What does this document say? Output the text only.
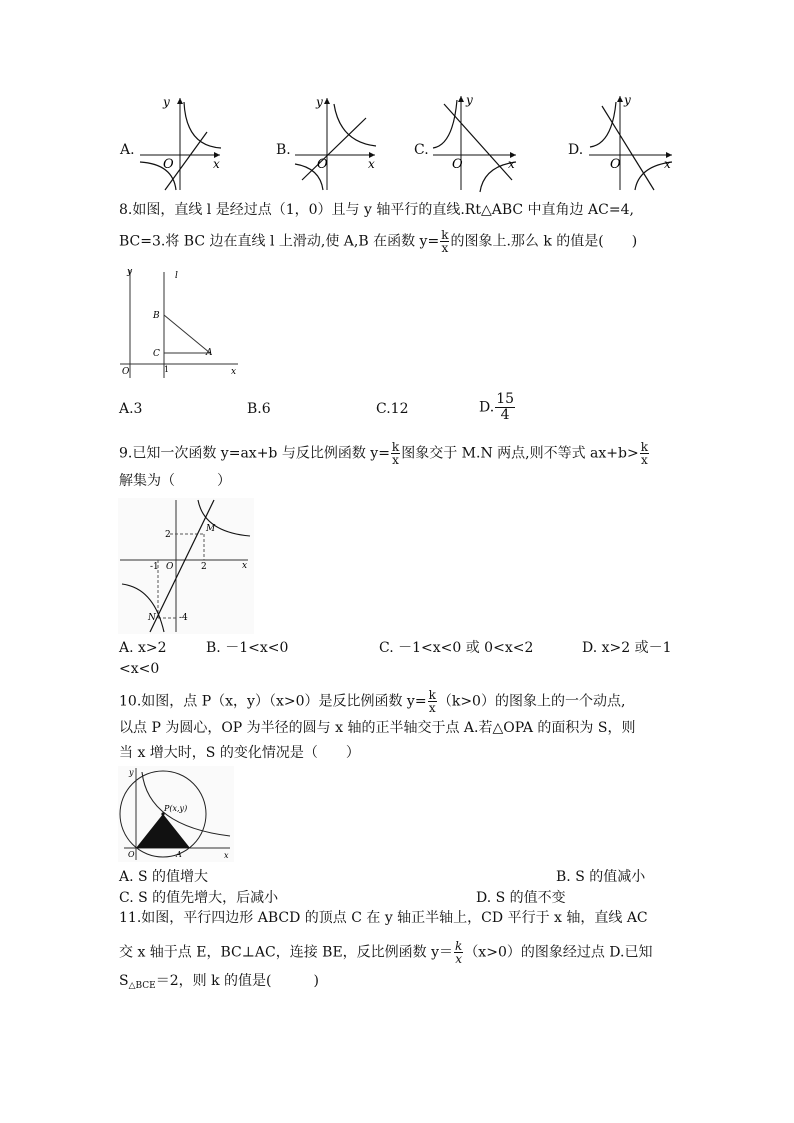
A.
y
x
O
B.
y
x
O
C.
y
x
O
D.
y
x
O
8.如图，直线 l 是经过点（1，0）且与 y 轴平行的直线.Rt△ABC 中直角边 AC=4,
BC=3.将 BC 边在直线 l 上滑动,使 A,B 在函数 $y= \frac{k}{x}$ 的图象上.那么 k 的值是(　　)
y	l
B
C	A
O	1	x
A.3	B.6	C.12	D. $\frac{15}{4}$
9.已知一次函数 y=ax+b 与反比例函数 $y= \frac{k}{x}$ 图象交于 M.N 两点,则不等式 $ax+b> \frac{k}{x}$
解集为（　　　）
2
M
-1 O	2	x
N	-4
A. x>2	B. －1<x<0	C. －1<x<0 或 0<x<2	D. x>2 或－1
<x<0
10.如图，点 P（x，y）（x>0）是反比例函数 $y= \frac{k}{x} (k>0)$的图象上的一个动点,
以点 P 为圆心，OP 为半径的圆与 x 轴的正半轴交于点 A.若△OPA 的面积为 S，则
当 x 增大时，S 的变化情况是（　　）
y
P(x,y)
O	A	x
A. S 的值增大	B. S 的值减小
C. S 的值先增大，后减小	D. S 的值不变
11.如图，平行四边形 ABCD 的顶点 C 在 y 轴正半轴上，CD 平行于 x 轴，直线 AC
交 x 轴于点 E，BC⊥AC，连接 BE，反比例函数 $y= \frac{k}{x} (x>0)$的图象经过点 D.已知
$S_{\triangle BCE}=2$，则 k 的值是(　　　)
